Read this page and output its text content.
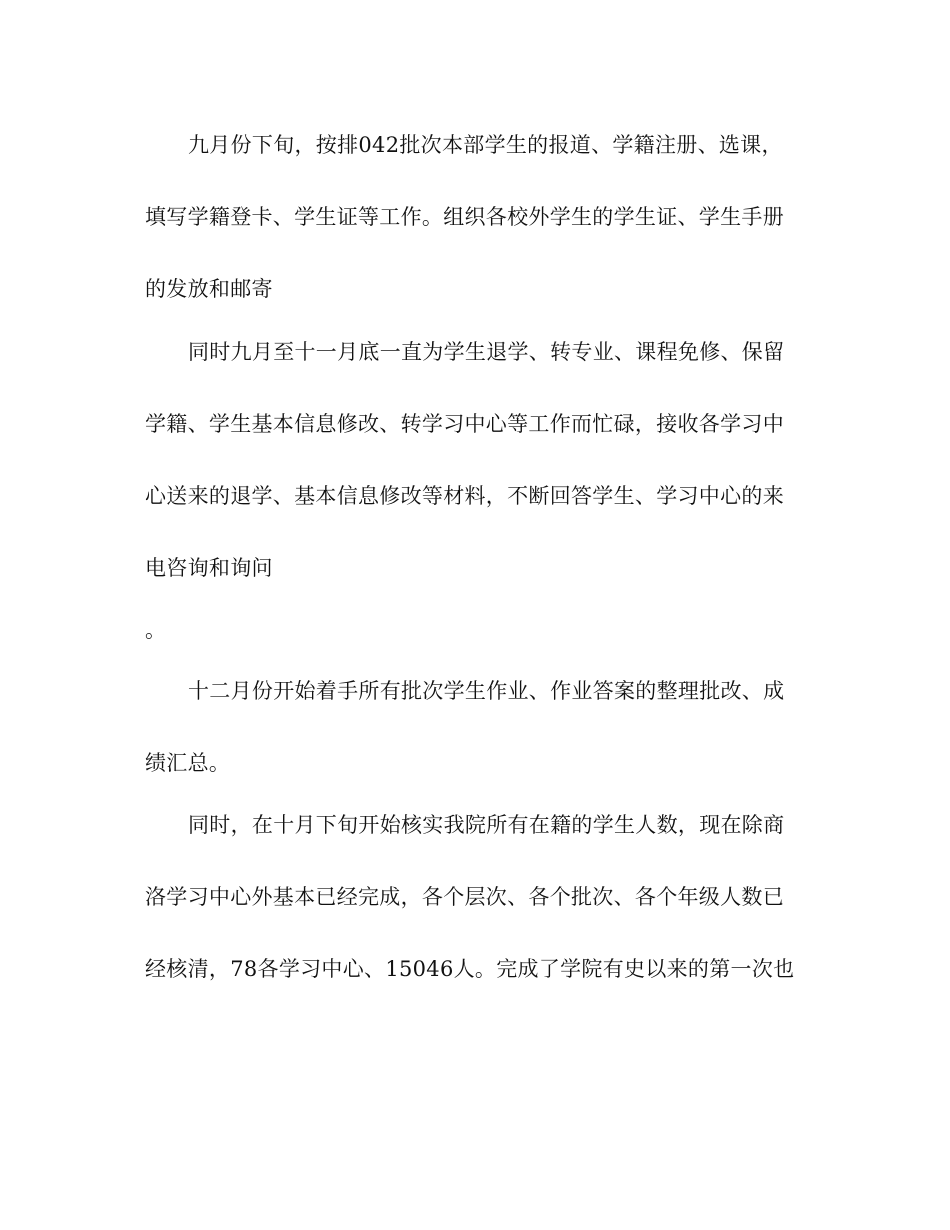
九月份下旬，按排042批次本部学生的报道、学籍注册、选课，
填写学籍登卡、学生证等工作。组织各校外学生的学生证、学生手册
的发放和邮寄
同时九月至十一月底一直为学生退学、转专业、课程免修、保留
学籍、学生基本信息修改、转学习中心等工作而忙碌，接收各学习中
心送来的退学、基本信息修改等材料，不断回答学生、学习中心的来
电咨询和询问
。
十二月份开始着手所有批次学生作业、作业答案的整理批改、成
绩汇总。
同时，在十月下旬开始核实我院所有在籍的学生人数，现在除商
洛学习中心外基本已经完成，各个层次、各个批次、各个年级人数已
经核清，78各学习中心、15046人。完成了学院有史以来的第一次也
